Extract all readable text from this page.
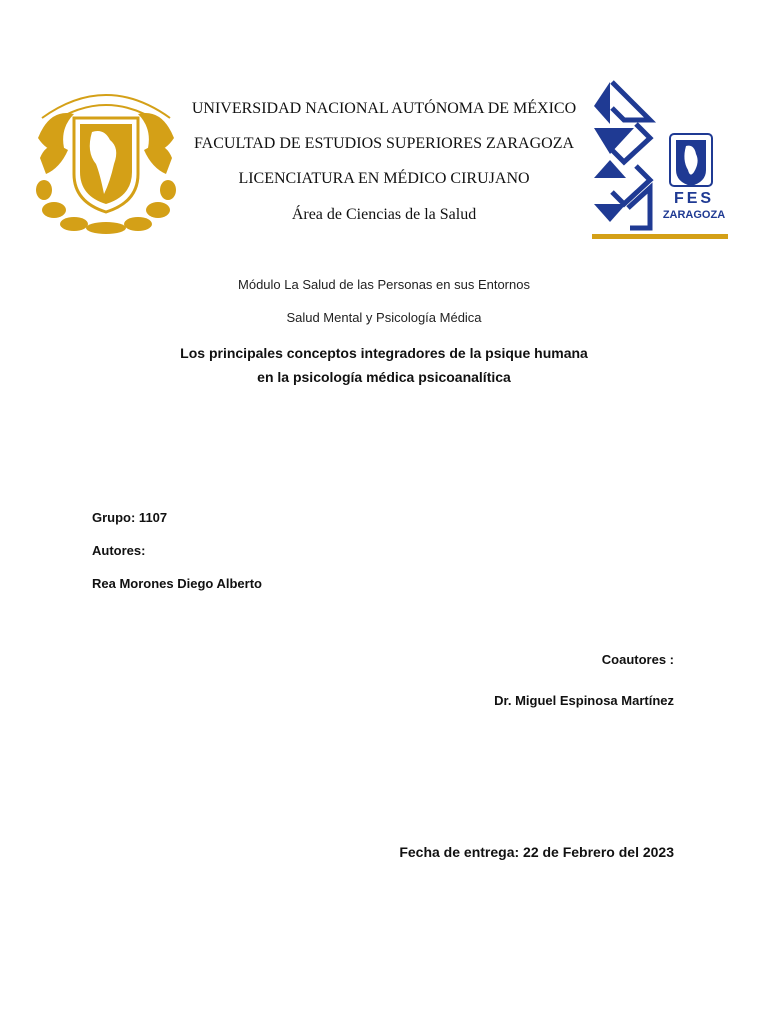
UNIVERSIDAD NACIONAL AUTÓNOMA DE MÉXICO
FACULTAD DE ESTUDIOS SUPERIORES ZARAGOZA
LICENCIATURA EN MÉDICO CIRUJANO
Área de Ciencias de la Salud
FES
ZARAGOZA
Módulo La Salud de las Personas en sus Entornos
Salud Mental y Psicología Médica
Los principales conceptos integradores de la psique humana
en la psicología médica psicoanalítica
Grupo: 1107
Autores:
Rea Morones Diego Alberto
Coautores :
Dr. Miguel Espinosa Martínez
Fecha de entrega: 22 de Febrero del 2023
